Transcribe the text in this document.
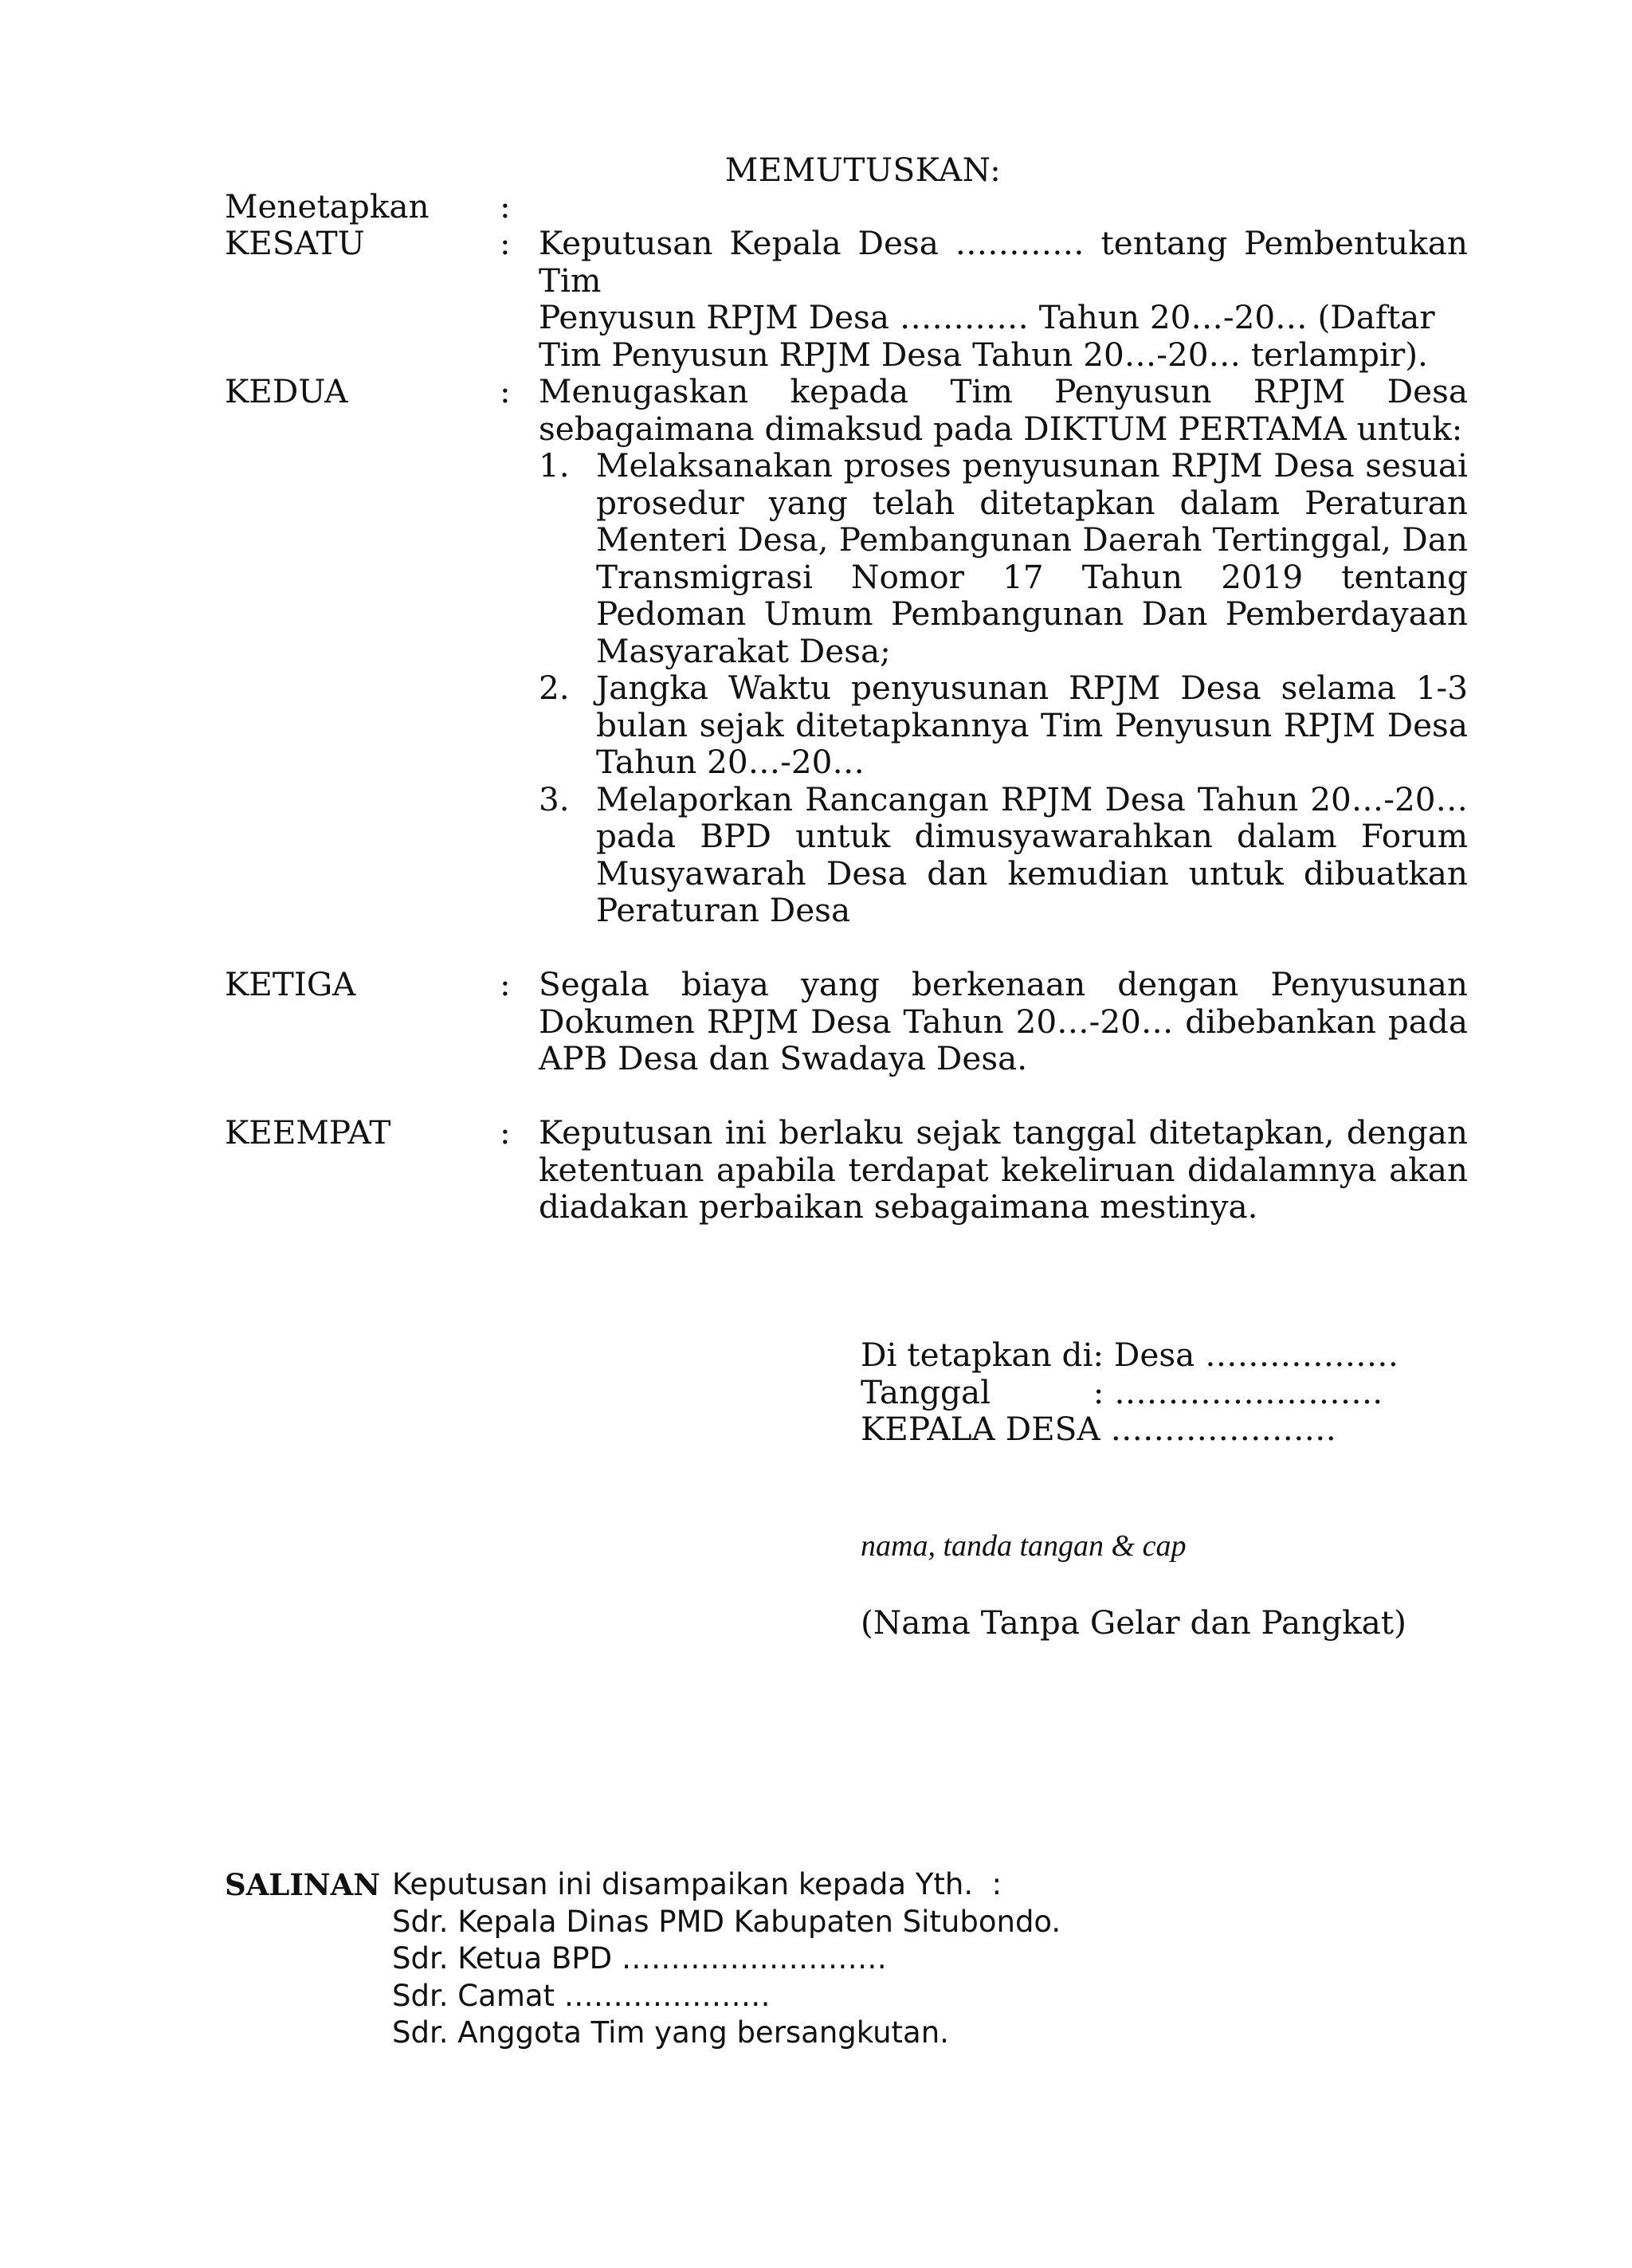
MEMUTUSKAN:
Menetapkan :
KESATU	: Keputusan Kepala Desa ………… tentang Pembentukan Tim
Penyusun RPJM Desa ………… Tahun 20…-20… (Daftar
Tim Penyusun RPJM Desa Tahun 20…-20… terlampir).
KEDUA	: Menugaskan kepada Tim Penyusun RPJM Desa sebagaimana dimaksud pada DIKTUM PERTAMA untuk:

1. Melaksanakan proses penyusunan RPJM Desa sesuai prosedur yang telah ditetapkan dalam Peraturan Menteri Desa, Pembangunan Daerah Tertinggal, Dan Transmigrasi Nomor 17 Tahun 2019 tentang Pedoman Umum Pembangunan Dan Pemberdayaan Masyarakat Desa;
2. Jangka Waktu penyusunan RPJM Desa selama 1-3 bulan sejak ditetapkannya Tim Penyusun RPJM Desa Tahun 20…-20…
3. Melaporkan Rancangan RPJM Desa Tahun 20…-20… pada BPD untuk dimusyawarahkan dalam Forum Musyawarah Desa dan kemudian untuk dibuatkan Peraturan Desa
KETIGA	: Segala biaya yang berkenaan dengan Penyusunan Dokumen RPJM Desa Tahun 20…-20… dibebankan pada APB Desa dan Swadaya Desa.

KEEMPAT	: Keputusan ini berlaku sejak tanggal ditetapkan, dengan ketentuan apabila terdapat kekeliruan didalamnya akan diadakan perbaikan sebagaimana mestinya.

Di tetapkan di: Desa ………………
Tanggal          : …………………….
KEPALA DESA …………………
nama, tanda tangan & cap
(Nama Tanpa Gelar dan Pangkat)
SALINAN Keputusan ini disampaikan kepada Yth.  :
Sdr. Kepala Dinas PMD Kabupaten Situbondo.
Sdr. Ketua BPD ………………………
Sdr. Camat …………………
Sdr. Anggota Tim yang bersangkutan.
